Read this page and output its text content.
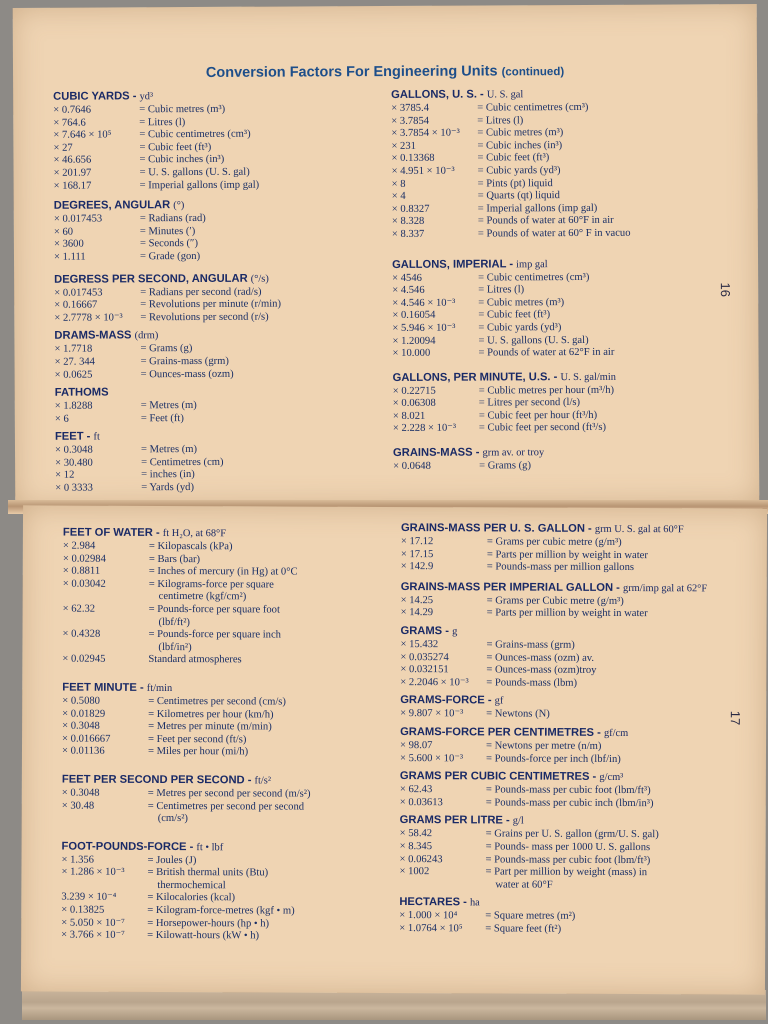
Conversion Factors For Engineering Units (continued)
CUBIC YARDS - yd³
× 0.7646	= Cubic metres (m³)
× 764.6	= Litres (l)
× 7.646 × 10⁵	= Cubic centimetres (cm³)
× 27	= Cubic feet (ft³)
× 46.656	= Cubic inches (in³)
× 201.97	= U. S. gallons (U. S. gal)
× 168.17	= Imperial gallons (imp gal)
DEGREES, ANGULAR (°)
× 0.017453	= Radians (rad)
× 60	= Minutes (′)
× 3600	= Seconds (″)
× 1.111	= Grade (gon)
DEGRESS PER SECOND, ANGULAR (°/s)
× 0.017453	= Radians per second (rad/s)
× 0.16667	= Revolutions per minute (r/min)
× 2.7778 × 10⁻³	= Revolutions per second (r/s)
DRAMS-MASS (drm)
× 1.7718	= Grams (g)
× 27. 344	= Grains-mass (grm)
× 0.0625	= Ounces-mass (ozm)
FATHOMS
× 1.8288	= Metres (m)
× 6	= Feet (ft)
FEET - ft
× 0.3048	= Metres (m)
× 30.480	= Centimetres (cm)
× 12	= inches (in)
× 0 3333	= Yards (yd)
GALLONS, U. S. - U. S. gal
× 3785.4	= Cubic centimetres (cm³)
× 3.7854	= Litres (l)
× 3.7854 × 10⁻³	= Cubic metres (m³)
× 231	= Cubic inches (in³)
× 0.13368	= Cubic feet (ft³)
× 4.951 × 10⁻³	= Cubic yards (yd³)
× 8	= Pints (pt) liquid
× 4	= Quarts (qt) liquid
× 0.8327	= Imperial gallons (imp gal)
× 8.328	= Pounds of water at 60°F in air
× 8.337	= Pounds of water at 60° F in vacuo
GALLONS, IMPERIAL - imp gal
× 4546	= Cubic centimetres (cm³)
× 4.546	= Litres (l)
× 4.546 × 10⁻³	= Cubic metres (m³)
× 0.16054	= Cubic feet (ft³)
× 5.946 × 10⁻³	= Cubic yards (yd³)
× 1.20094	= U. S. gallons (U. S. gal)
× 10.000	= Pounds of water at 62°F in air
GALLONS, PER MINUTE, U.S. - U. S. gal/min
× 0.22715	= Cublic metres per hour (m³/h)
× 0.06308	= Litres per second (l/s)
× 8.021	= Cubic feet per hour (ft³/h)
× 2.228 × 10⁻³	= Cubic feet per second (ft³/s)
GRAINS-MASS - grm av. or troy
× 0.0648	= Grams (g)
16
FEET OF WATER - ft H₂O, at 68°F
× 2.984	= Kilopascals (kPa)
× 0.02984	= Bars (bar)
× 0.8811	= Inches of mercury (in Hg) at 0°C
× 0.03042	= Kilograms-force per square
centimetre (kgf/cm²)
× 62.32	= Pounds-force per square foot
(lbf/ft²)
× 0.4328	= Pounds-force per square inch
(lbf/in²)
× 0.02945	Standard atmospheres
FEET MINUTE - ft/min
× 0.5080	= Centimetres per second (cm/s)
× 0.01829	= Kilometres per hour (km/h)
× 0.3048	= Metres per minute (m/min)
× 0.016667	= Feet per second (ft/s)
× 0.01136	= Miles per hour (mi/h)
FEET PER SECOND PER SECOND - ft/s²
× 0.3048	= Metres per second per second (m/s²)
× 30.48	= Centimetres per second per second
(cm/s²)
FOOT-POUNDS-FORCE - ft • lbf
× 1.356	= Joules (J)
× 1.286 × 10⁻³	= British thermal units (Btu)
thermochemical
3.239 × 10⁻⁴	= Kilocalories (kcal)
× 0.13825	= Kilogram-force-metres (kgf • m)
× 5.050 × 10⁻⁷	= Horsepower-hours (hp • h)
× 3.766 × 10⁻⁷	= Kilowatt-hours (kW • h)
GRAINS-MASS PER U. S. GALLON - grm U. S. gal at 60°F
× 17.12	= Grams per cubic metre (g/m³)
× 17.15	= Parts per million by weight in water
× 142.9	= Pounds-mass per million gallons
GRAINS-MASS PER IMPERIAL GALLON - grm/imp gal at 62°F
× 14.25	= Grams per Cubic metre (g/m³)
× 14.29	= Parts per million by weight in water
GRAMS - g
× 15.432	= Grains-mass (grm)
× 0.035274	= Ounces-mass (ozm) av.
× 0.032151	= Ounces-mass (ozm)troy
× 2.2046 × 10⁻³	= Pounds-mass (lbm)
GRAMS-FORCE - gf
× 9.807 × 10⁻³	= Newtons (N)
GRAMS-FORCE PER CENTIMETRES - gf/cm
× 98.07	= Newtons per metre (n/m)
× 5.600 × 10⁻³	= Pounds-force per inch (lbf/in)
GRAMS PER CUBIC CENTIMETRES - g/cm³
× 62.43	= Pounds-mass per cubic foot (lbm/ft³)
× 0.03613	= Pounds-mass per cubic inch (lbm/in³)
GRAMS PER LITRE - g/l
× 58.42	= Grains per U. S. gallon (grm/U. S. gal)
× 8.345	= Pounds- mass per 1000 U. S. gallons
× 0.06243	= Pounds-mass per cubic foot (lbm/ft³)
× 1002	= Part per million by weight (mass) in
water at 60°F
HECTARES - ha
× 1.000 × 10⁴	= Square metres (m²)
× 1.0764 × 10⁵	= Square feet (ft²)
17
